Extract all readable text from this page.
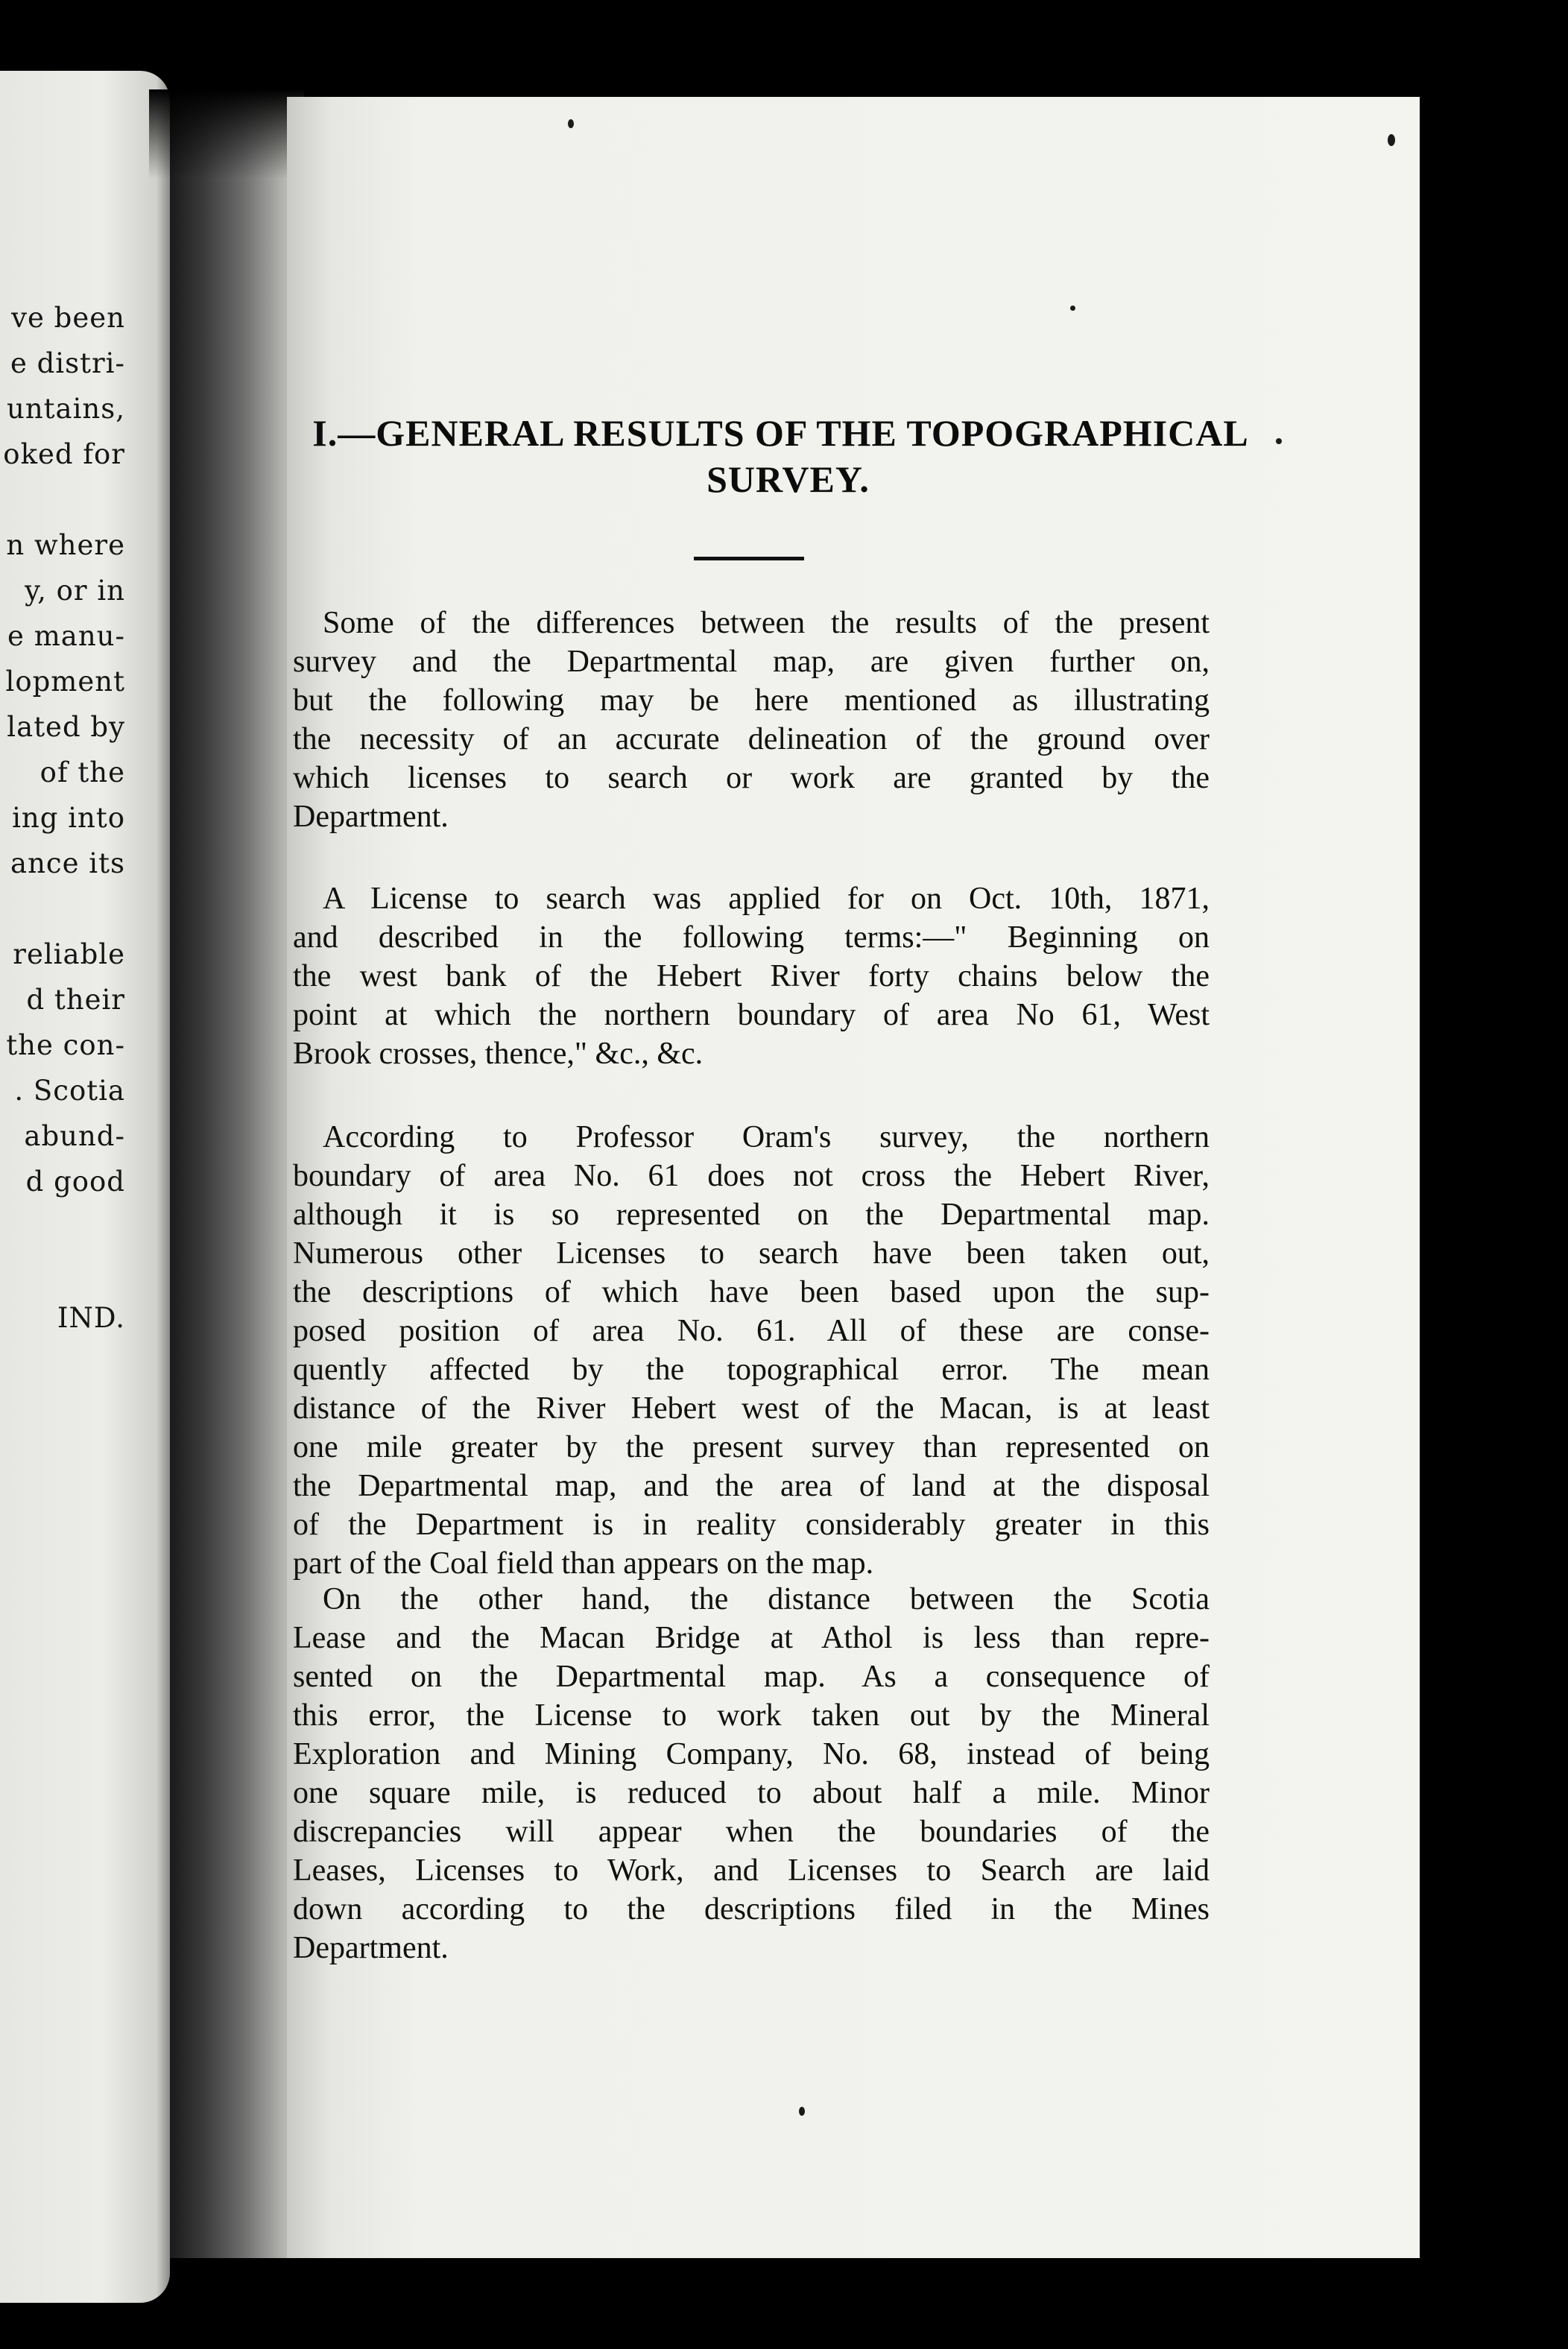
ve been
e distri-
untains,
oked for
n where
y, or in
e manu-
lopment
lated by
of the
ing into
ance its
reliable
d their
the con-
. Scotia
abund-
d good
IND.
I.—GENERAL RESULTS OF THE TOPOGRAPHICAL
SURVEY.
Some of the differences between the results of the present
survey and the Departmental map, are given further on,
but the following may be here mentioned as illustrating
the necessity of an accurate delineation of the ground over
which licenses to search or work are granted by the
Department.
A License to search was applied for on Oct. 10th, 1871,
and described in the following terms:—" Beginning on
the west bank of the Hebert River forty chains below the
point at which the northern boundary of area No 61, West
Brook crosses, thence," &c., &c.
According to Professor Oram's survey, the northern
boundary of area No. 61 does not cross the Hebert River,
although it is so represented on the Departmental map.
Numerous other Licenses to search have been taken out,
the descriptions of which have been based upon the sup-
posed position of area No. 61. All of these are conse-
quently affected by the topographical error. The mean
distance of the River Hebert west of the Macan, is at least
one mile greater by the present survey than represented on
the Departmental map, and the area of land at the disposal
of the Department is in reality considerably greater in this
part of the Coal field than appears on the map.
On the other hand, the distance between the Scotia
Lease and the Macan Bridge at Athol is less than repre-
sented on the Departmental map. As a consequence of
this error, the License to work taken out by the Mineral
Exploration and Mining Company, No. 68, instead of being
one square mile, is reduced to about half a mile. Minor
discrepancies will appear when the boundaries of the
Leases, Licenses to Work, and Licenses to Search are laid
down according to the descriptions filed in the Mines
Department.
